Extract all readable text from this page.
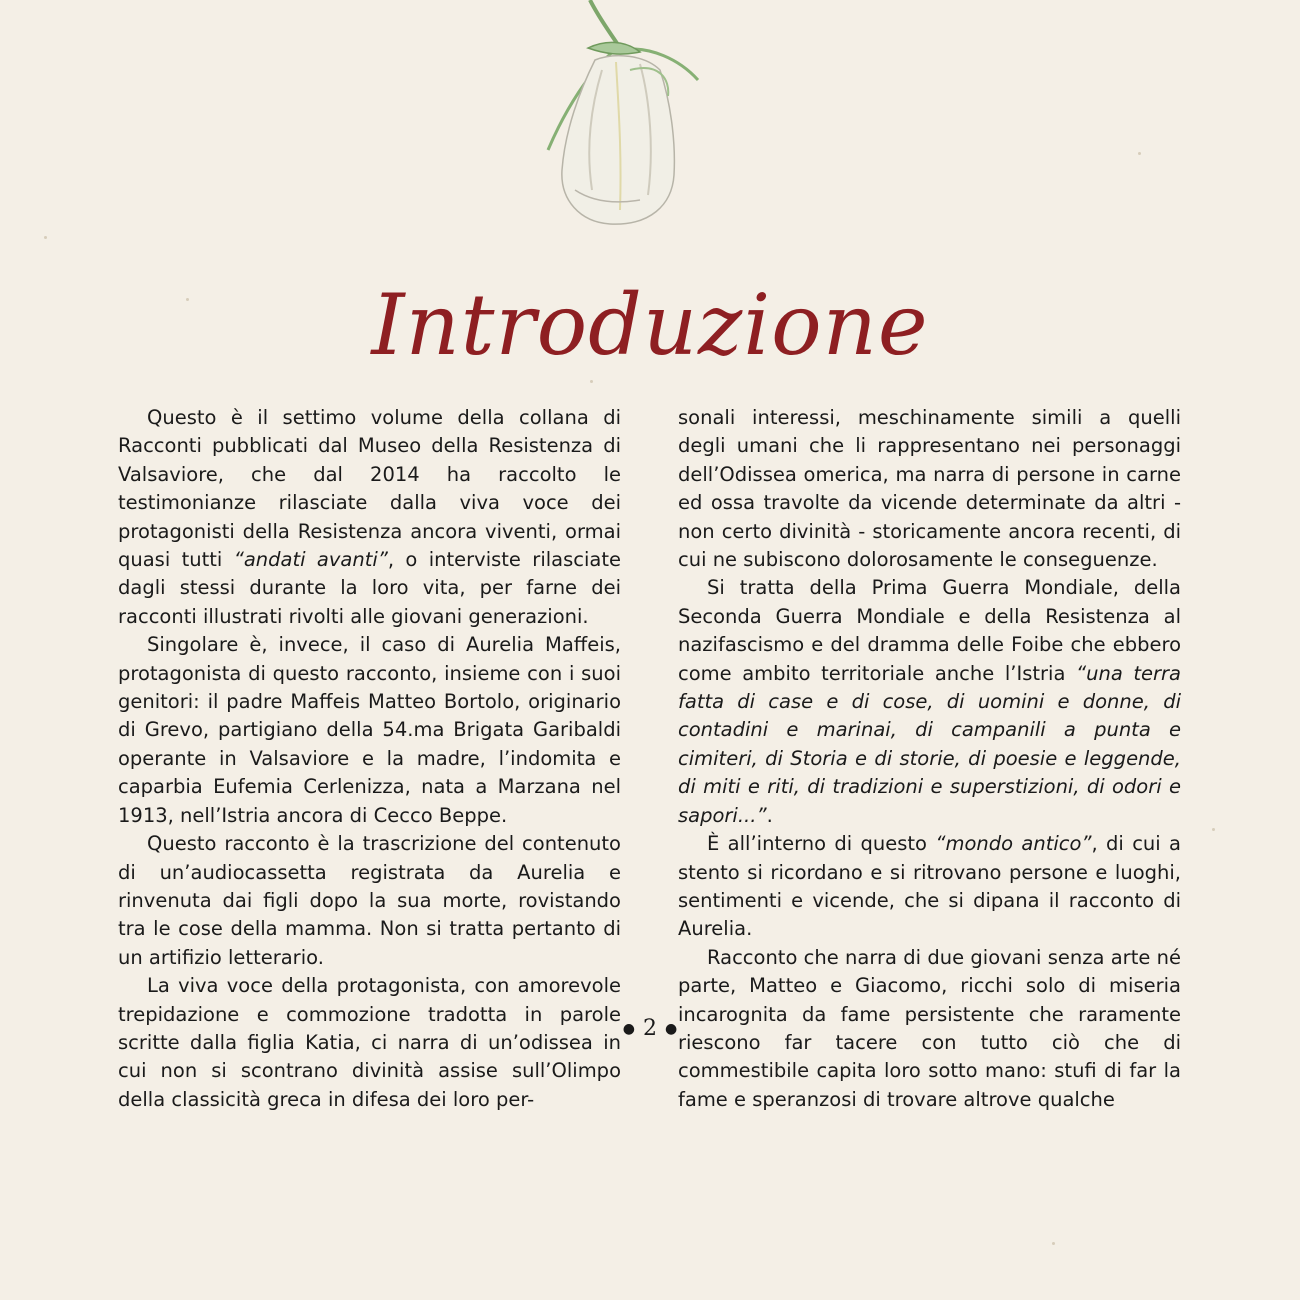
Introduzione

Questo è il settimo volume della collana di Racconti pubblicati dal Museo della Resistenza di Valsaviore, che dal 2014 ha raccolto le testimonianze rilasciate dalla viva voce dei protagonisti della Resistenza ancora viventi, ormai quasi tutti “andati avanti”, o interviste rilasciate dagli stessi durante la loro vita, per farne dei racconti illustrati rivolti alle giovani generazioni.

Singolare è, invece, il caso di Aurelia Maffeis, protagonista di questo racconto, insieme con i suoi genitori: il padre Maffeis Matteo Bortolo, originario di Grevo, partigiano della 54.ma Brigata Garibaldi operante in Valsaviore e la madre, l’indomita e caparbia Eufemia Cerlenizza, nata a Marzana nel 1913, nell’Istria ancora di Cecco Beppe.

Questo racconto è la trascrizione del contenuto di un’audiocassetta registrata da Aurelia e rinvenuta dai figli dopo la sua morte, rovistando tra le cose della mamma. Non si tratta pertanto di un artifizio letterario.

La viva voce della protagonista, con amorevole trepidazione e commozione tradotta in parole scritte dalla figlia Katia, ci narra di un’odissea in cui non si scontrano divinità assise sull’Olimpo della classicità greca in difesa dei loro per-

sonali interessi, meschinamente simili a quelli degli umani che li rappresentano nei personaggi dell’Odissea omerica, ma narra di persone in carne ed ossa travolte da vicende determinate da altri - non certo divinità - storicamente ancora recenti, di cui ne subiscono dolorosamente le conseguenze.

Si tratta della Prima Guerra Mondiale, della Seconda Guerra Mondiale e della Resistenza al nazifascismo e del dramma delle Foibe che ebbero come ambito territoriale anche l’Istria “una terra fatta di case e di cose, di uomini e donne, di contadini e marinai, di campanili a punta e cimiteri, di Storia e di storie, di poesie e leggende, di miti e riti, di tradizioni e superstizioni, di odori e sapori...”.

È all’interno di questo “mondo antico”, di cui a stento si ricordano e si ritrovano persone e luoghi, sentimenti e vicende, che si dipana il racconto di Aurelia.

Racconto che narra di due giovani senza arte né parte, Matteo e Giacomo, ricchi solo di miseria incarognita da fame persistente che raramente riescono far tacere con tutto ciò che di commestibile capita loro sotto mano: stufi di far la fame e speranzosi di trovare altrove qualche

● 2 ●
